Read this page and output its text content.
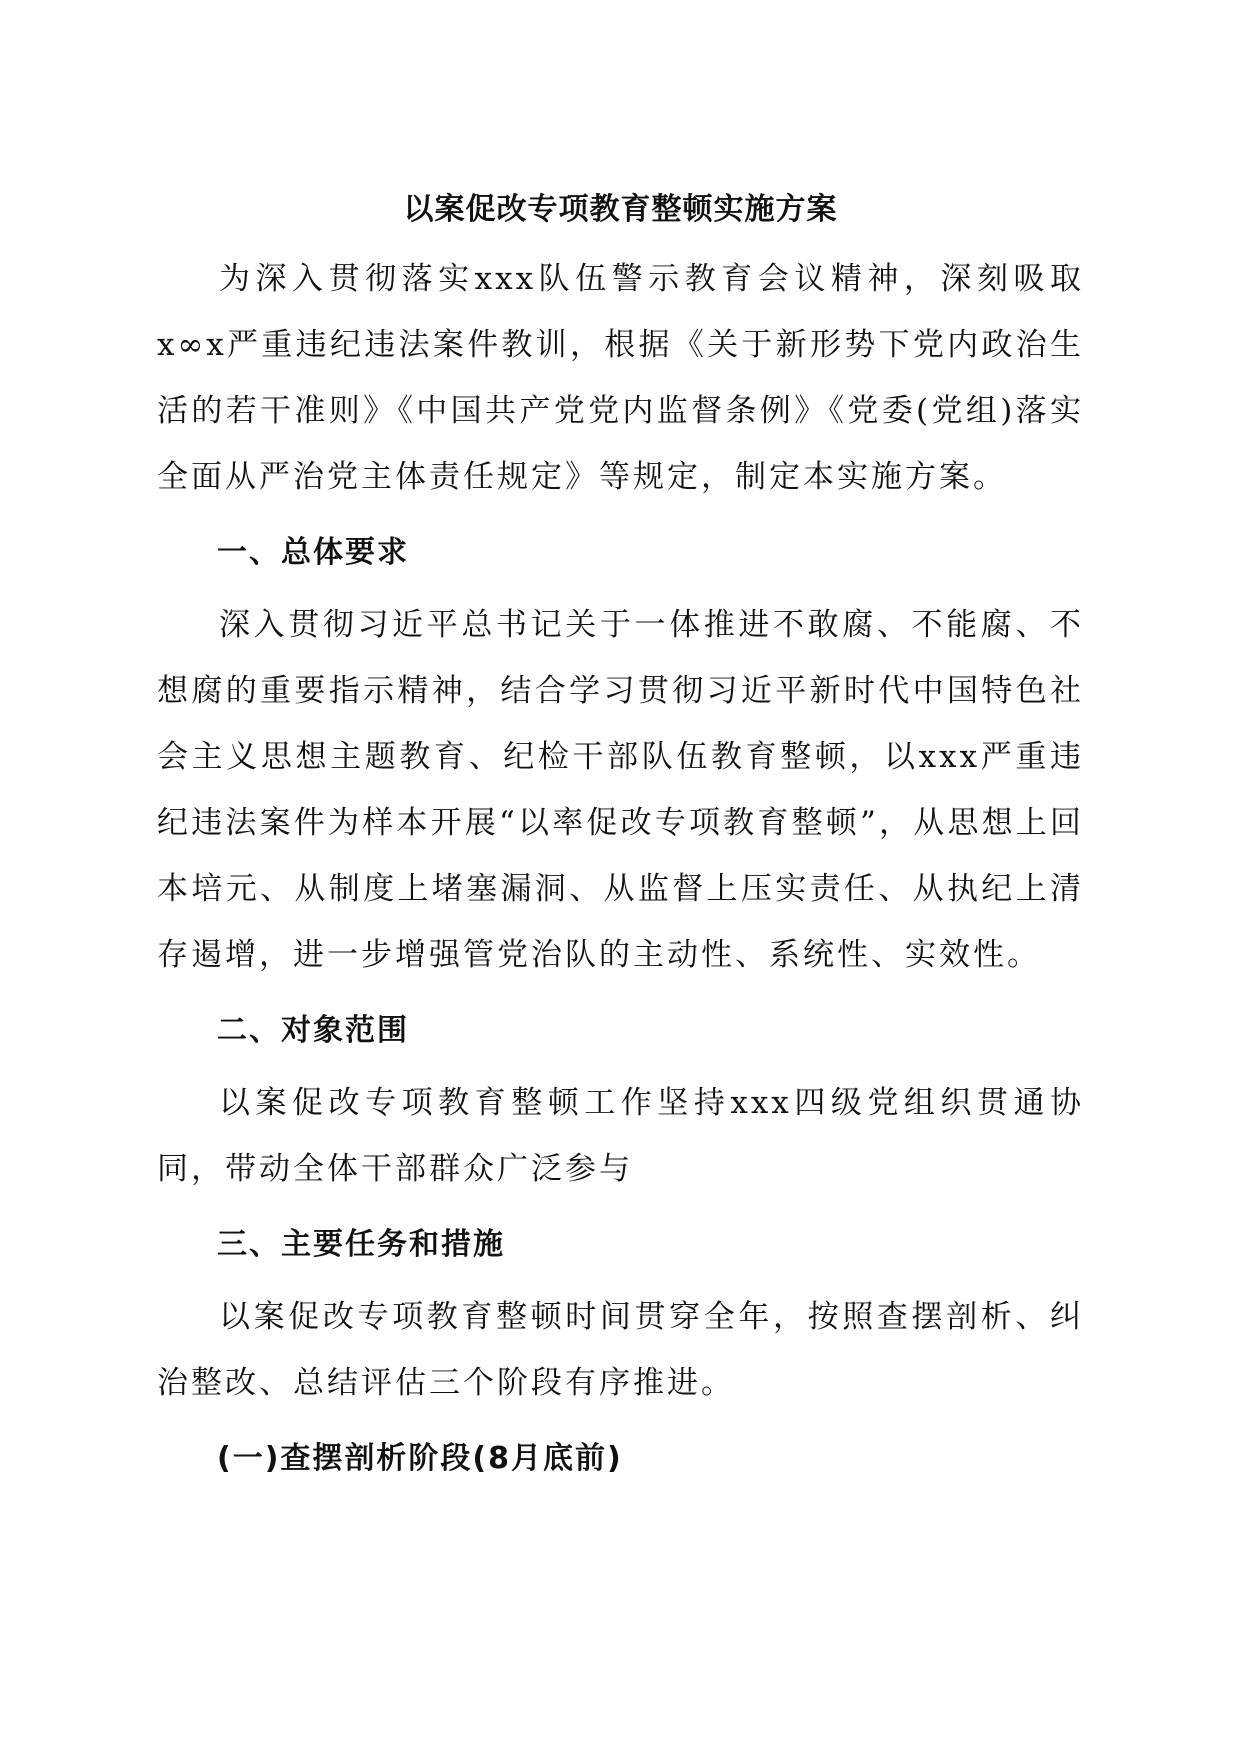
以案促改专项教育整顿实施方案

为深入贯彻落实xxx队伍警示教育会议精神，深刻吸取x∞x严重违纪违法案件教训，根据《关于新形势下党内政治生活的若干准则》《中国共产党党内监督条例》《党委(党组)落实全面从严治党主体责任规定》等规定，制定本实施方案。

一、总体要求

深入贯彻习近平总书记关于一体推进不敢腐、不能腐、不想腐的重要指示精神，结合学习贯彻习近平新时代中国特色社会主义思想主题教育、纪检干部队伍教育整顿，以xxx严重违纪违法案件为样本开展“以率促改专项教育整顿”，从思想上回本培元、从制度上堵塞漏洞、从监督上压实责任、从执纪上清存遏增，进一步增强管党治队的主动性、系统性、实效性。

二、对象范围

以案促改专项教育整顿工作坚持xxx四级党组织贯通协同，带动全体干部群众广泛参与

三、主要任务和措施

以案促改专项教育整顿时间贯穿全年，按照查摆剖析、纠治整改、总结评估三个阶段有序推进。

(一)查摆剖析阶段(8月底前)
